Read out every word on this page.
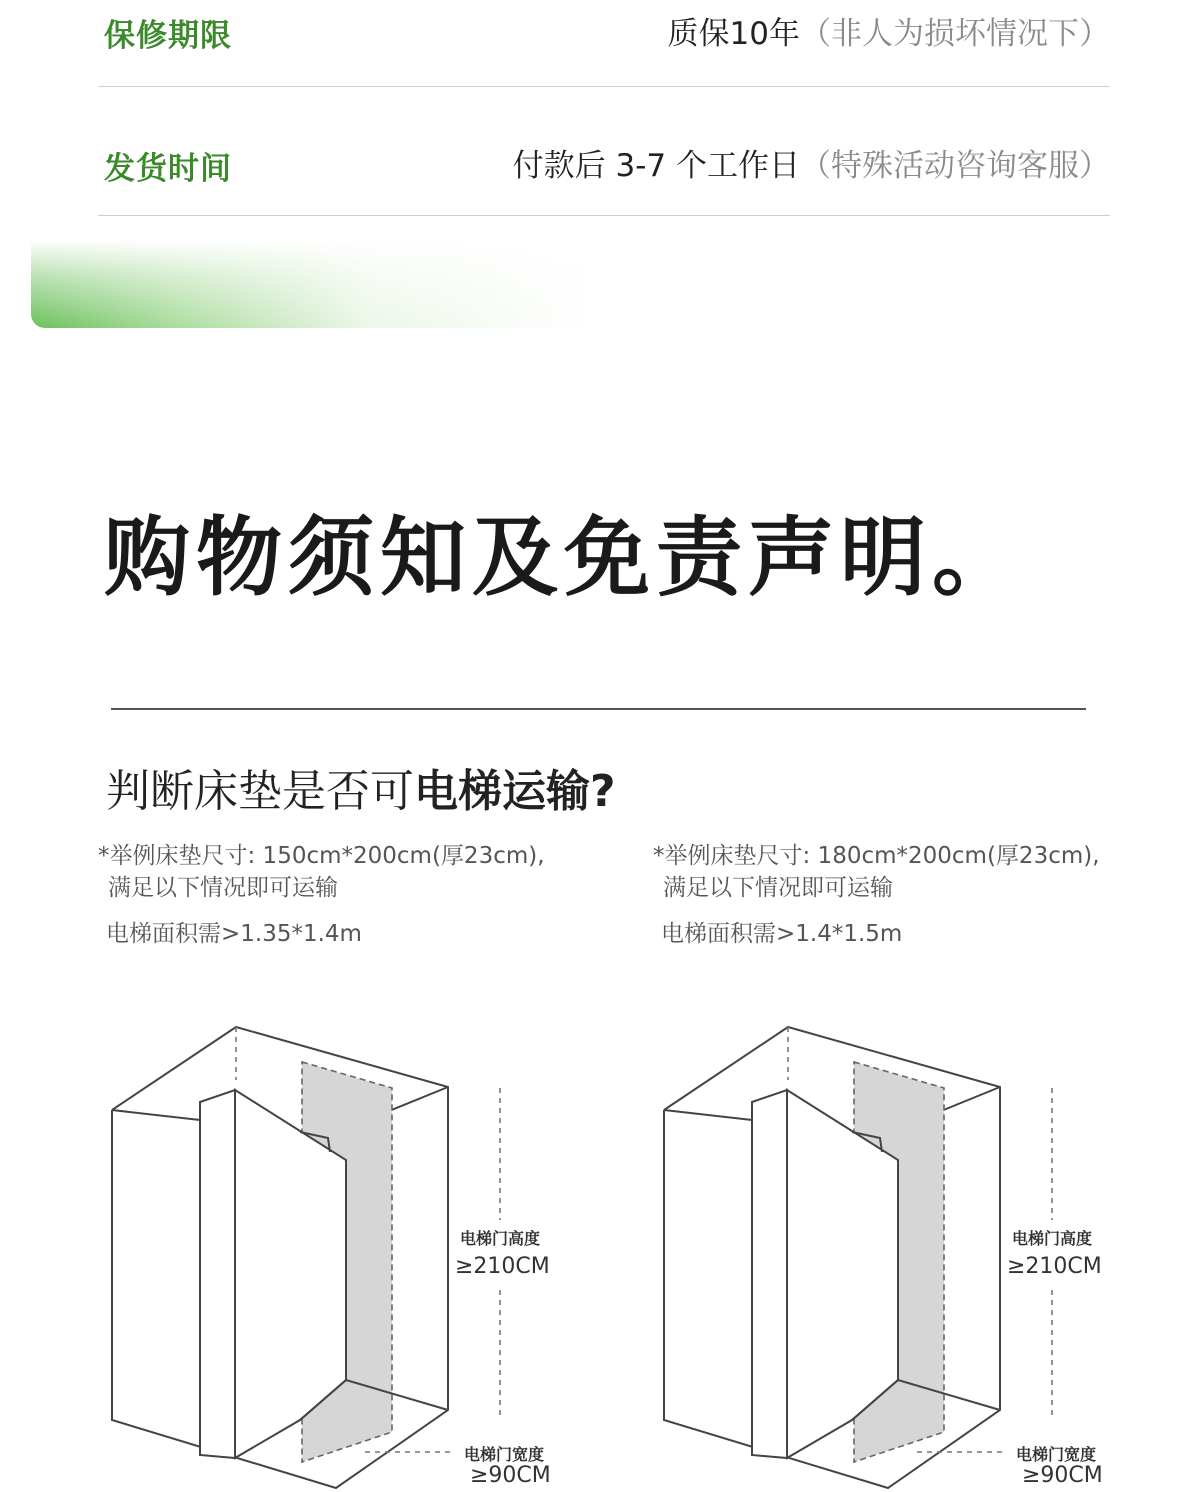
保修期限	质保10年（非人为损坏情况下）
发货时间	付款后 3-7 个工作日（特殊活动咨询客服）
购物须知及免责声明。
判断床垫是否可电梯运输?
*举例床垫尺寸: 150cm*200cm(厚23cm),
满足以下情况即可运输
电梯面积需>1.35*1.4m
*举例床垫尺寸: 180cm*200cm(厚23cm),
满足以下情况即可运输
电梯面积需>1.4*1.5m
电梯门高度
≥210CM
电梯门宽度
≥90CM
电梯门高度
≥210CM
电梯门宽度
≥90CM
